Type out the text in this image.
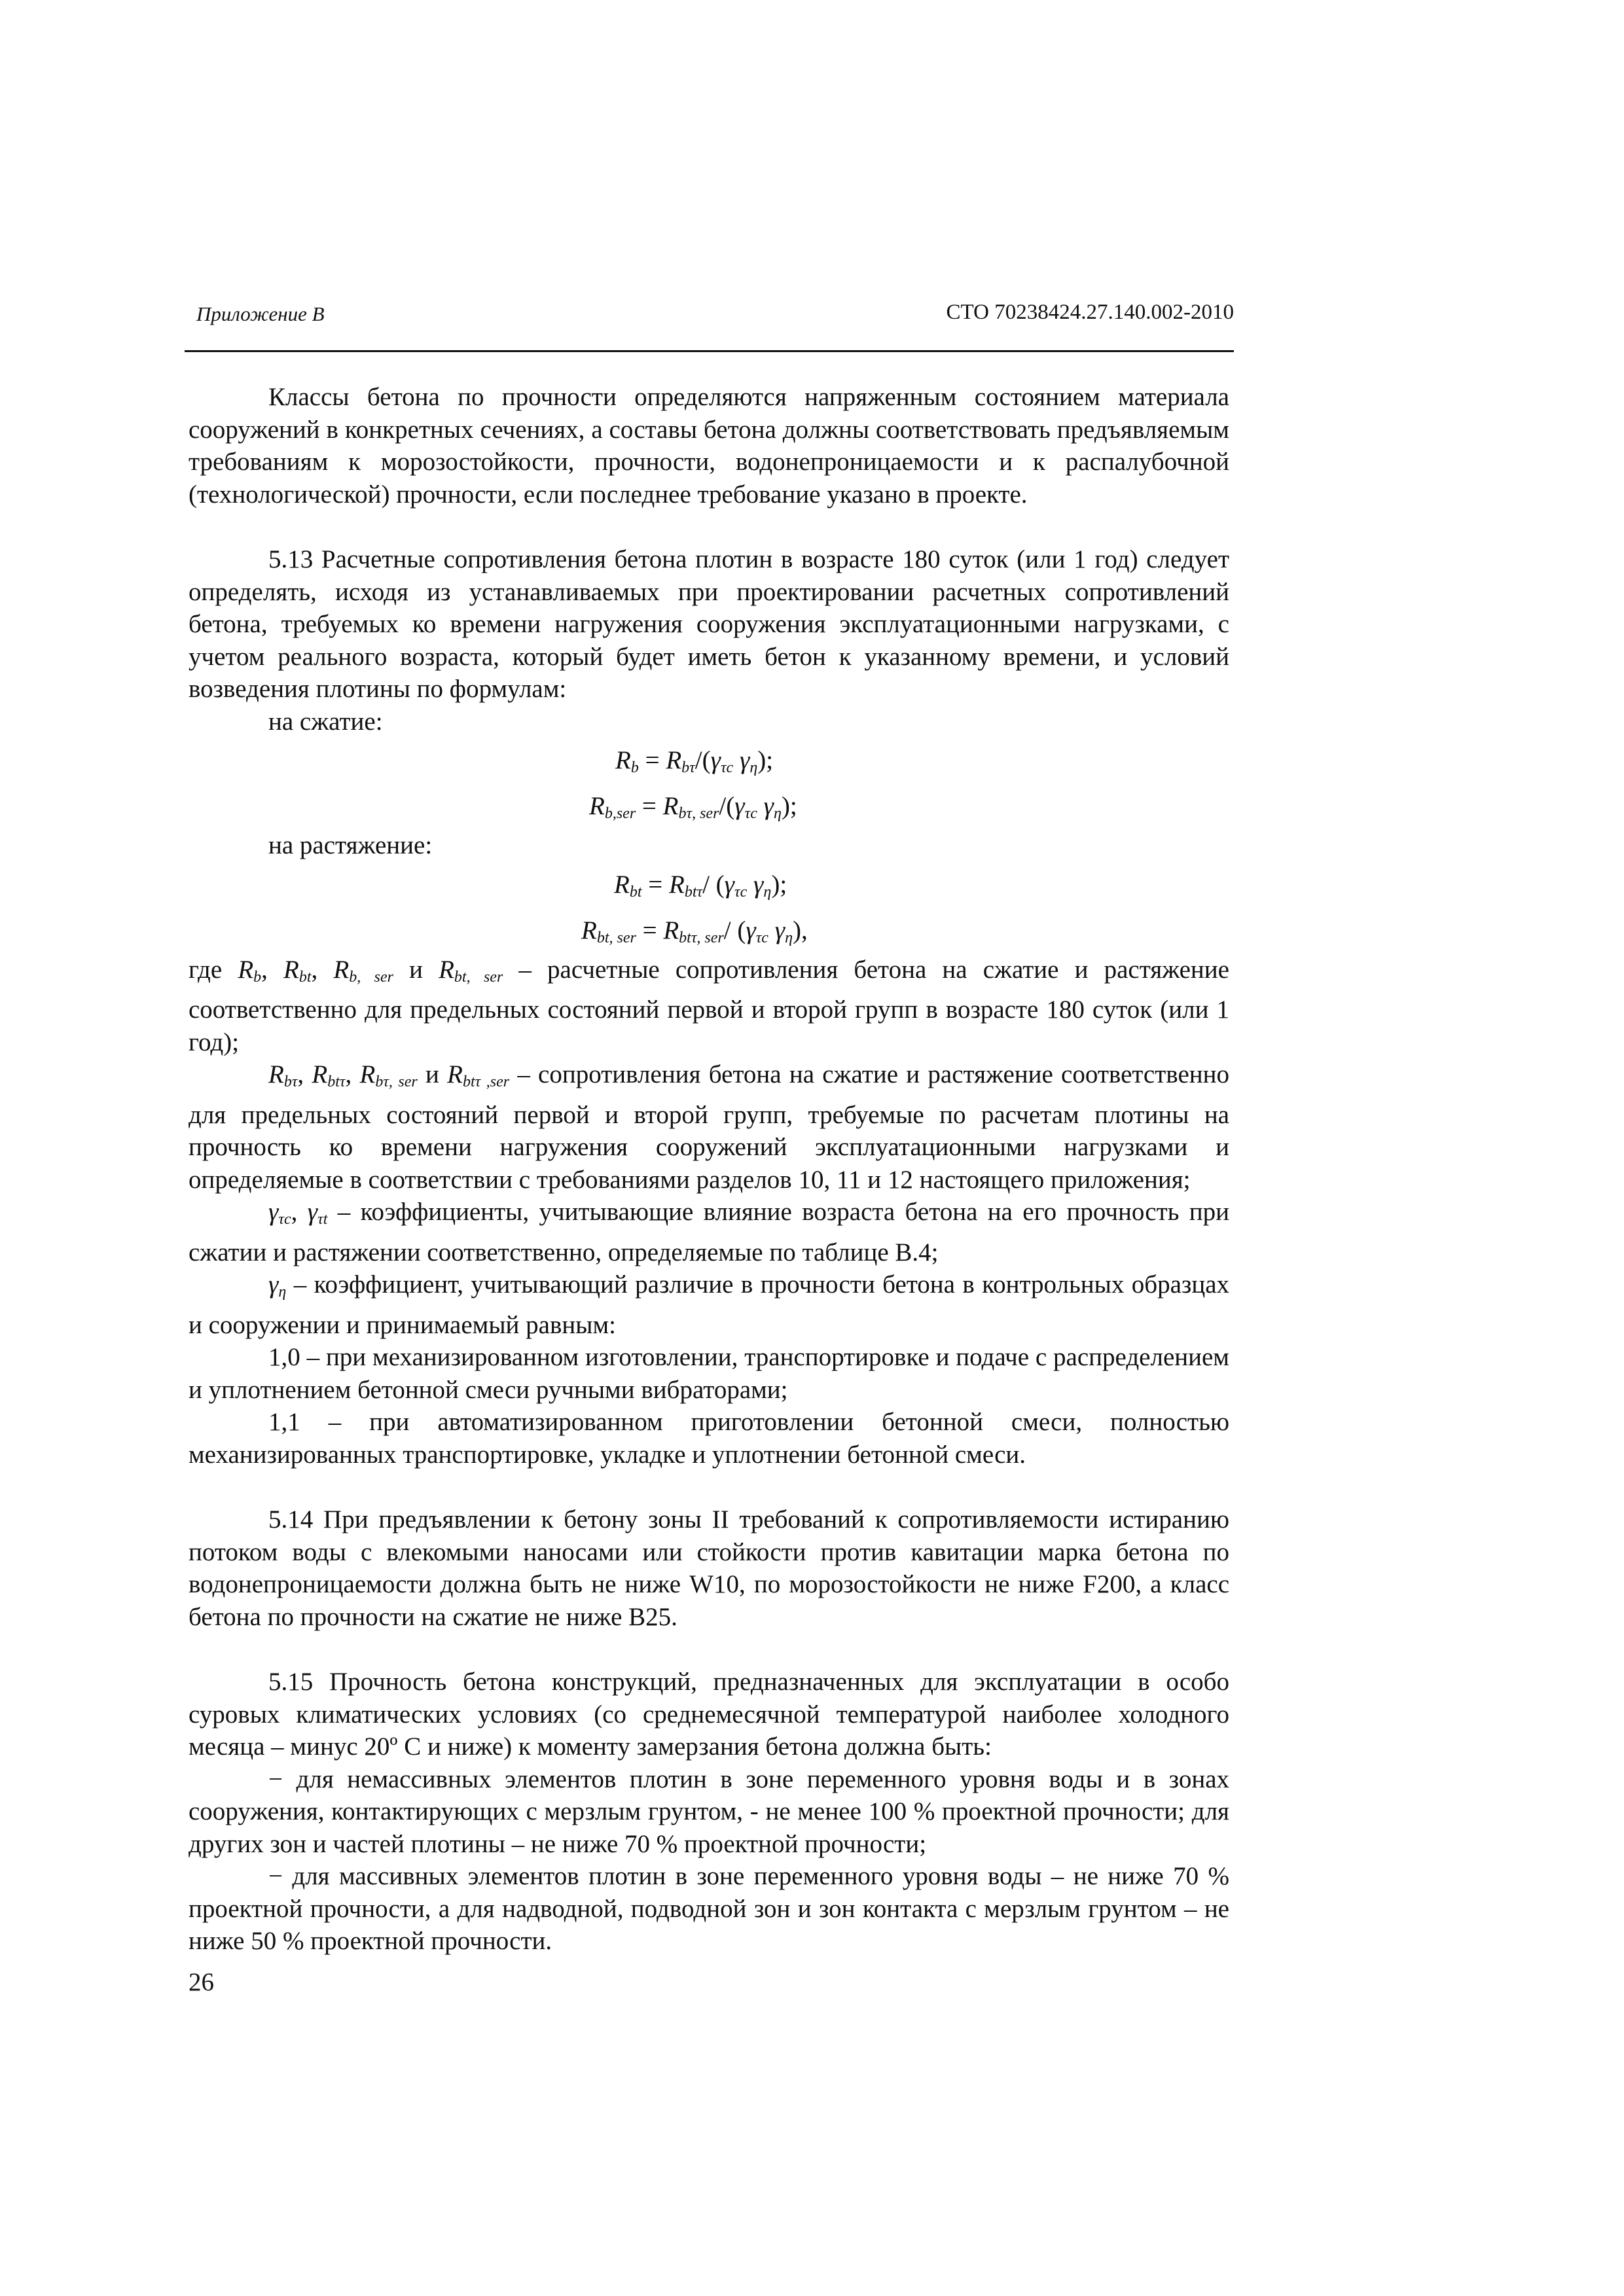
Приложение В	СТО 70238424.27.140.002-2010

Классы бетона по прочности определяются напряженным состоянием материала сооружений в конкретных сечениях, а составы бетона должны соответствовать предъявляемым требованиям к морозостойкости, прочности, водонепроницаемости и к распалубочной (технологической) прочности, если последнее требование указано в проекте.

5.13 Расчетные сопротивления бетона плотин в возрасте 180 суток (или 1 год) следует определять, исходя из устанавливаемых при проектировании расчетных сопротивлений бетона, требуемых ко времени нагружения сооружения эксплуатационными нагрузками, с учетом реального возраста, который будет иметь бетон к указанному времени, и условий возведения плотины по формулам:

на сжатие:

$R_b = R_{b\tau}/(\gamma_{\tau c}$ $\gamma_\eta$);
$R_{b,ser} = R_{b\tau, ser}/(\gamma_{\tau c}$ $\gamma_\eta$);

на растяжение:

$R_{bt} = R_{bt\tau}/$ ($\gamma_{\tau c}$ $\gamma_\eta$);
$R_{bt, ser} = R_{bt\tau, ser}/$ ($\gamma_{\tau c}$ $\gamma_\eta$),

где $R_b$, $R_{bt}$, $R_{b, ser}$ и $R_{bt, ser}$ – расчетные сопротивления бетона на сжатие и растяжение соответственно для предельных состояний первой и второй групп в возрасте 180 суток (или 1 год);

$R_{b\tau}$, $R_{bt\tau}$, $R_{b\tau, ser}$ и $R_{bt\tau ,ser}$ – сопротивления бетона на сжатие и растяжение соответственно для предельных состояний первой и второй групп, требуемые по расчетам плотины на прочность ко времени нагружения сооружений эксплуатационными нагрузками и определяемые в соответствии с требованиями разделов 10, 11 и 12 настоящего приложения;

$\gamma_{\tau c}$, $\gamma_{\tau t}$ – коэффициенты, учитывающие влияние возраста бетона на его прочность при сжатии и растяжении соответственно, определяемые по таблице В.4;

$\gamma_\eta$ – коэффициент, учитывающий различие в прочности бетона в контрольных образцах и сооружении и принимаемый равным:

1,0 – при механизированном изготовлении, транспортировке и подаче с распределением и уплотнением бетонной смеси ручными вибраторами;

1,1 – при автоматизированном приготовлении бетонной смеси, полностью механизированных транспортировке, укладке и уплотнении бетонной смеси.

5.14 При предъявлении к бетону зоны II требований к сопротивляемости истиранию потоком воды с влекомыми наносами или стойкости против кавитации марка бетона по водонепроницаемости должна быть не ниже W10, по морозостойкости не ниже F200, а класс бетона по прочности на сжатие не ниже В25.

5.15 Прочность бетона конструкций, предназначенных для эксплуатации в особо суровых климатических условиях (со среднемесячной температурой наиболее холодного месяца – минус 20º С и ниже) к моменту замерзания бетона должна быть:

− для немассивных элементов плотин в зоне переменного уровня воды и в зонах сооружения, контактирующих с мерзлым грунтом, - не менее 100 % проектной прочности; для других зон и частей плотины – не ниже 70 % проектной прочности;

− для массивных элементов плотин в зоне переменного уровня воды – не ниже 70 % проектной прочности, а для надводной, подводной зон и зон контакта с мерзлым грунтом – не ниже 50 % проектной прочности.

26
